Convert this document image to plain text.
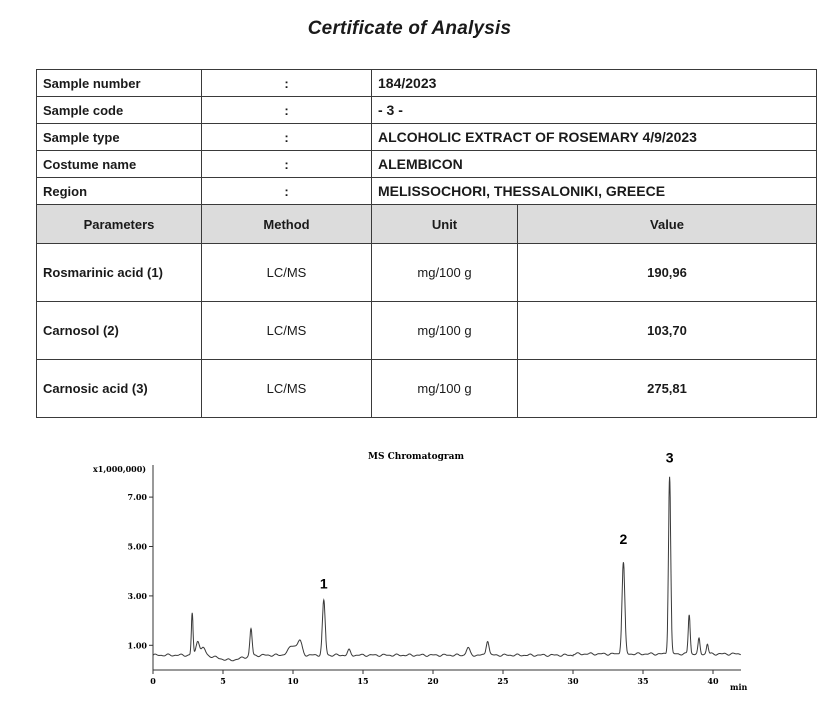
Certificate of Analysis
Sample number	:	184/2023	
Sample code	:	- 3 -	
Sample type	:	ALCOHOLIC EXTRACT OF ROSEMARY 4/9/2023	
Costume name	:	ALEMBICON	
Region	:	MELISSOCHORI, THESSALONIKI, GREECE	
Parameters	Method	Unit	Value
Rosmarinic acid (1)	LC/MS	mg/100 g	190,96
Carnosol (2)	LC/MS	mg/100 g	103,70
Carnosic acid (3)	LC/MS	mg/100 g	275,81
MS Chromatogram
x1,000,000)
min
0	5	10	15	20	25	30	35	40
1.00
3.00
5.00
7.00
1
2
3
